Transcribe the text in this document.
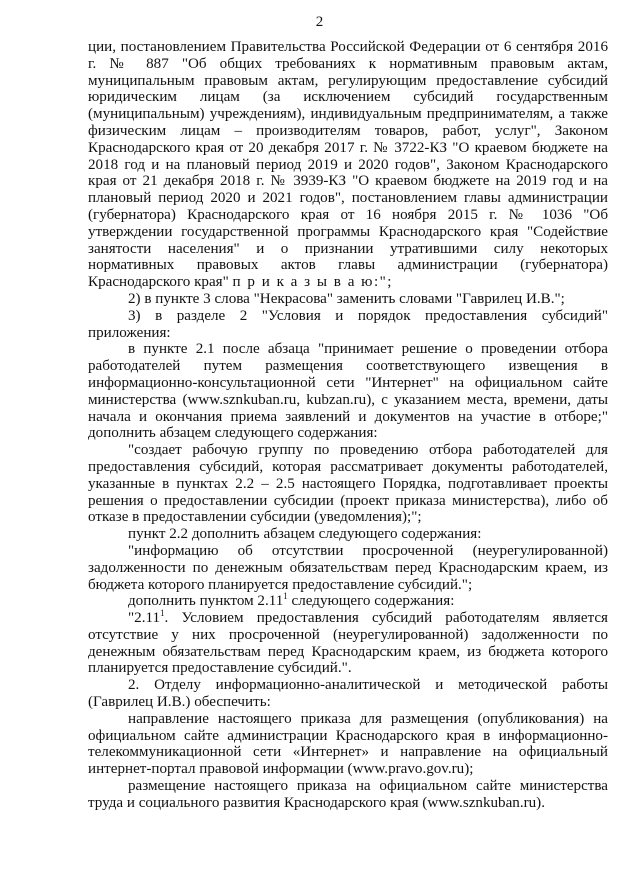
2

ции, постановлением Правительства Российской Федерации от 6 сентября 2016 г. № 887 "Об общих требованиях к нормативным правовым актам, муниципальным правовым актам, регулирующим предоставление субсидий юридическим лицам (за исключением субсидий государственным (муниципальным) учреждениям), индивидуальным предпринимателям, а также физическим лицам – производителям товаров, работ, услуг", Законом Краснодарского края от 20 декабря 2017 г. № 3722-КЗ "О краевом бюджете на 2018 год и на плановый период 2019 и 2020 годов", Законом Краснодарского края от 21 декабря 2018 г. № 3939-КЗ "О краевом бюджете на 2019 год и на плановый период 2020 и 2021 годов", постановлением главы администрации (губернатора) Краснодарского края от 16 ноября 2015 г. № 1036 "Об утверждении государственной программы Краснодарского края "Содействие занятости населения" и о признании утратившими силу некоторых нормативных правовых актов главы администрации (губернатора) Краснодарского края" п р и к а з ы в а ю:";

2) в пункте 3 слова "Некрасова" заменить словами "Гаврилец И.В.";

3) в разделе 2 "Условия и порядок предоставления субсидий" приложения:

в пункте 2.1 после абзаца "принимает решение о проведении отбора работодателей путем размещения соответствующего извещения в информационно-консультационной сети "Интернет" на официальном сайте министерства (www.sznkuban.ru, kubzan.ru), с указанием места, времени, даты начала и окончания приема заявлений и документов на участие в отборе;" дополнить абзацем следующего содержания:

"создает рабочую группу по проведению отбора работодателей для предоставления субсидий, которая рассматривает документы работодателей, указанные в пунктах 2.2 – 2.5 настоящего Порядка, подготавливает проекты решения о предоставлении субсидии (проект приказа министерства), либо об отказе в предоставлении субсидии (уведомления);";

пункт 2.2 дополнить абзацем следующего содержания:

"информацию об отсутствии просроченной (неурегулированной) задолженности по денежным обязательствам перед Краснодарским краем, из бюджета которого планируется предоставление субсидий.";

дополнить пунктом 2.11$^1$ следующего содержания:

"2.11$^1$. Условием предоставления субсидий работодателям является отсутствие у них просроченной (неурегулированной) задолженности по денежным обязательствам перед Краснодарским краем, из бюджета которого планируется предоставление субсидий.".

2. Отделу информационно-аналитической и методической работы (Гаврилец И.В.) обеспечить:

направление настоящего приказа для размещения (опубликования) на официальном сайте администрации Краснодарского края в информационно-телекоммуникационной сети «Интернет» и направление на официальный интернет-портал правовой информации (www.pravo.gov.ru);

размещение настоящего приказа на официальном сайте министерства труда и социального развития Краснодарского края (www.sznkuban.ru).
